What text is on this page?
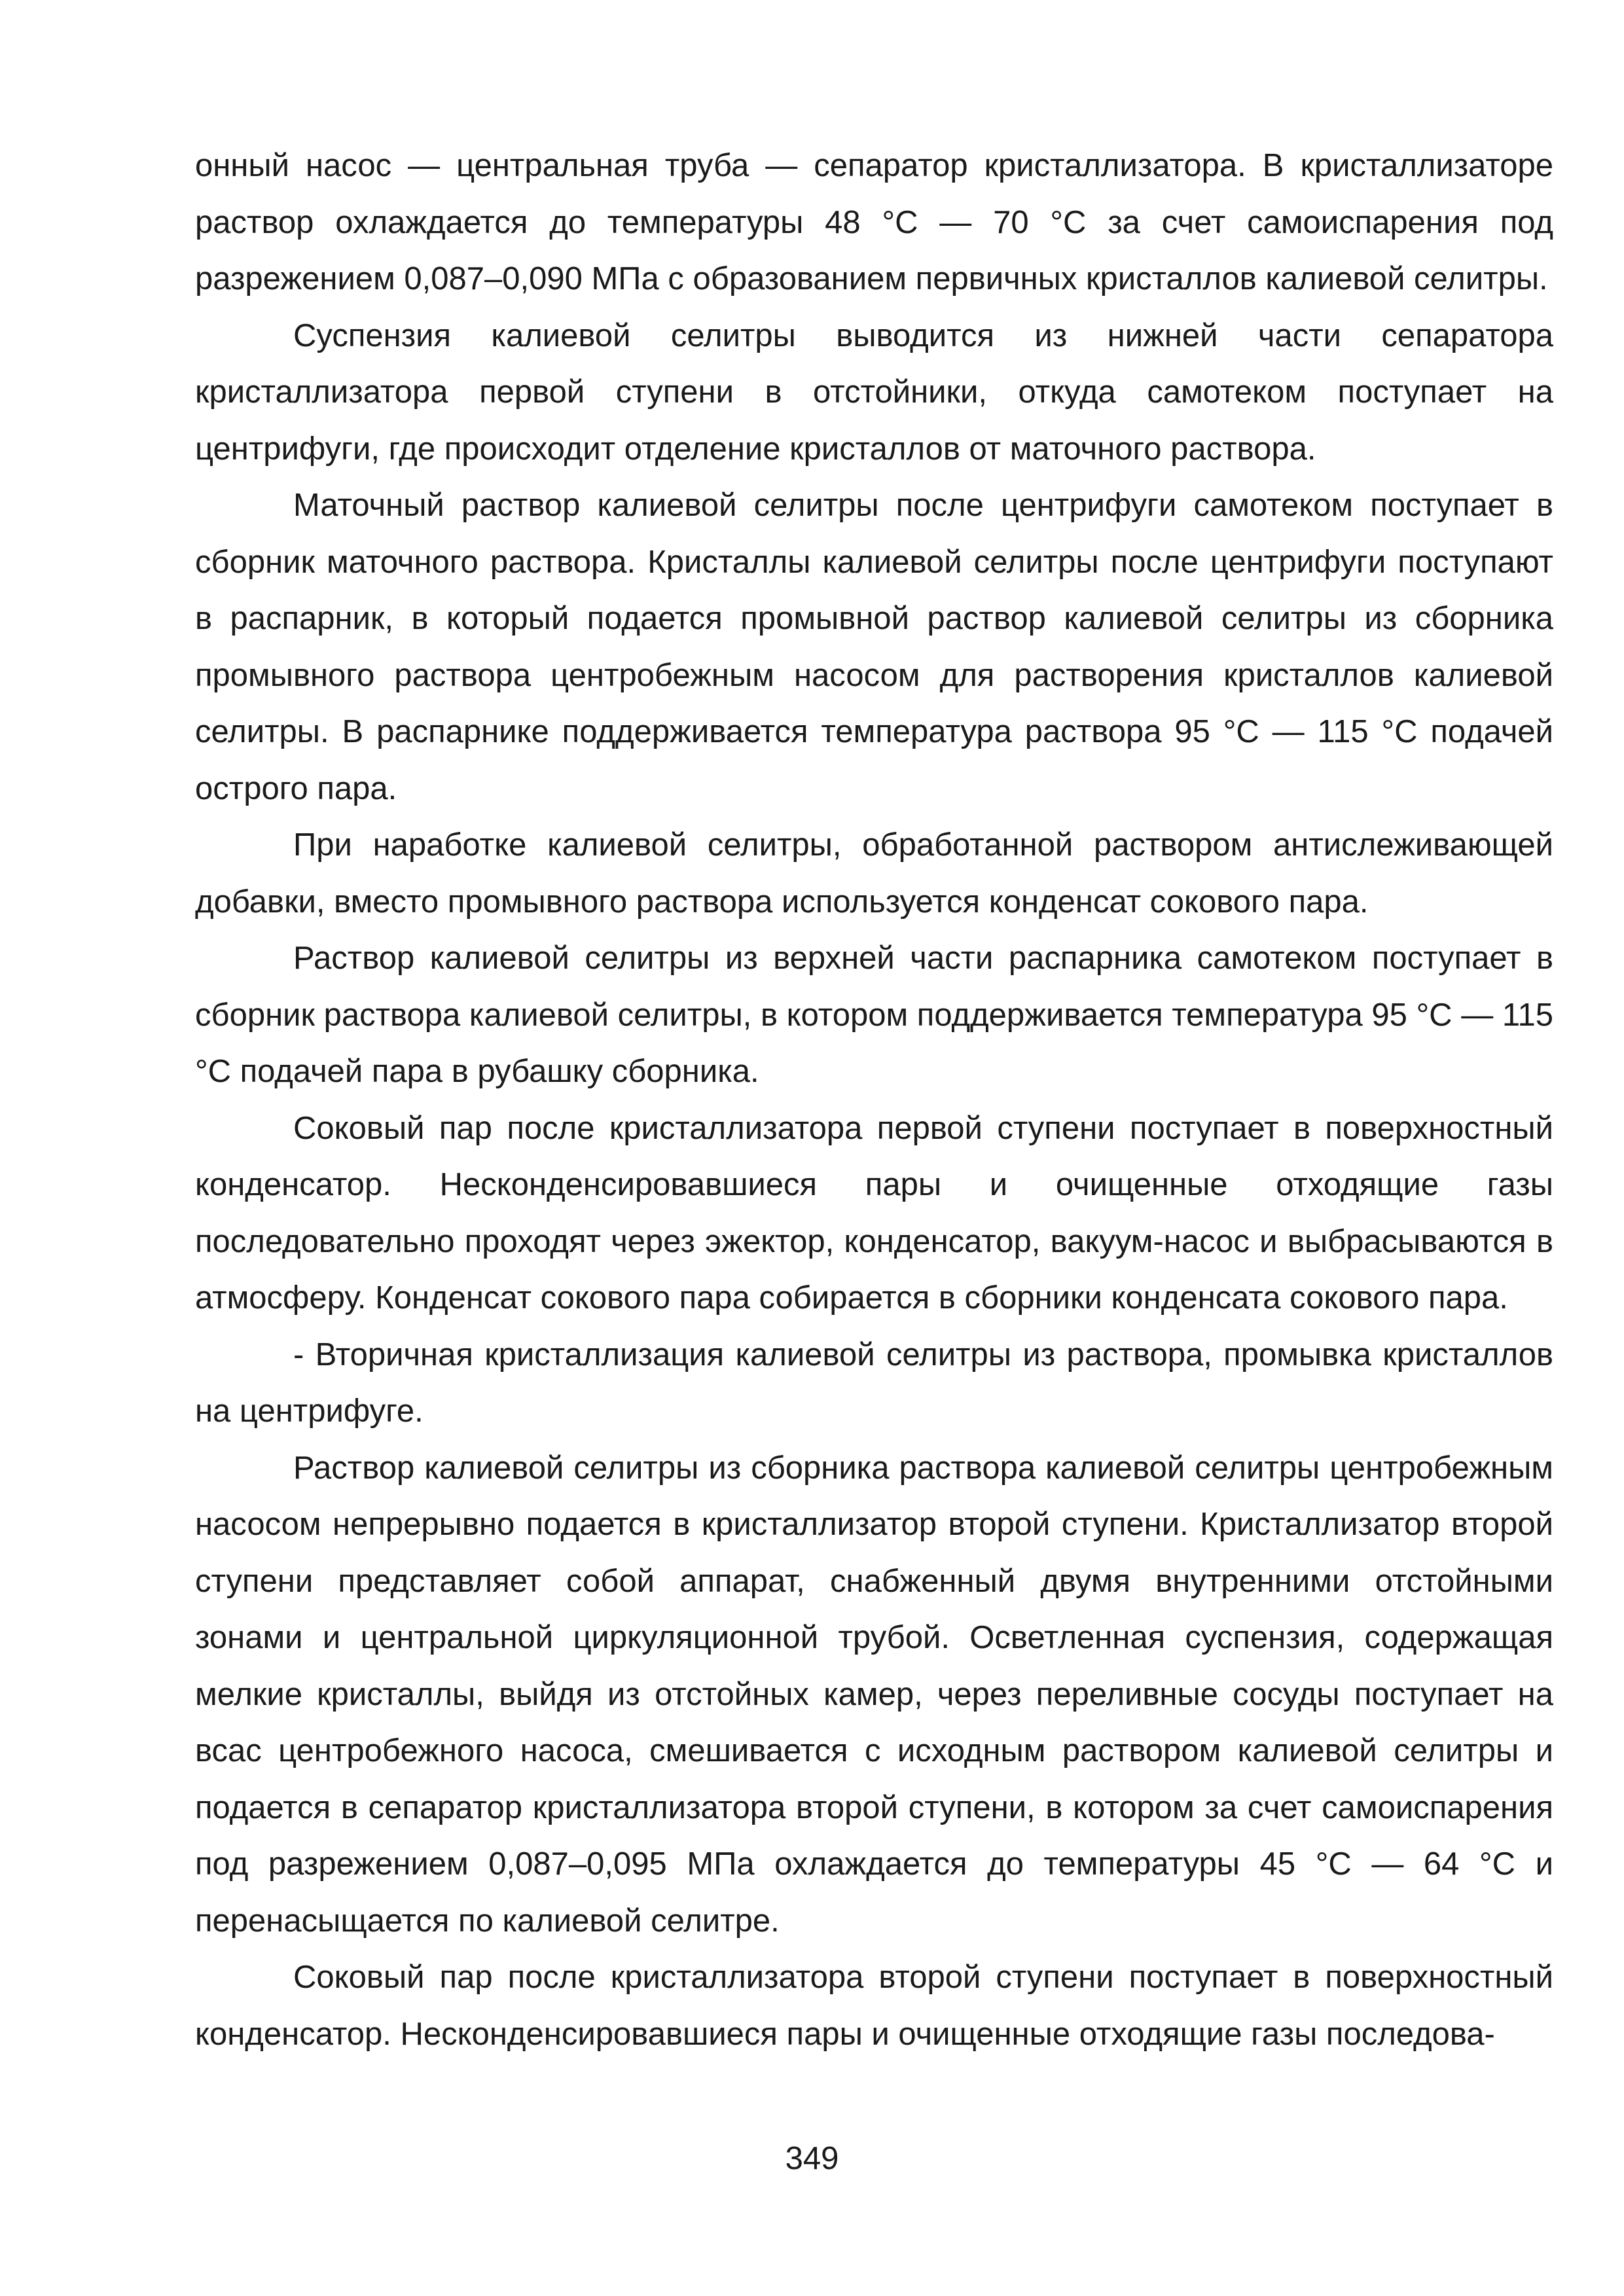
онный насос — центральная труба — сепаратор кристаллизатора. В кристаллизаторе раствор охлаждается до температуры 48 °С — 70 °С за счет самоиспарения под разрежением 0,087–0,090 МПа с образованием первичных кристаллов калиевой селитры.

Суспензия калиевой селитры выводится из нижней части сепаратора кристаллизатора первой ступени в отстойники, откуда самотеком поступает на центрифуги, где происходит отделение кристаллов от маточного раствора.

Маточный раствор калиевой селитры после центрифуги самотеком поступает в сборник маточного раствора. Кристаллы калиевой селитры после центрифуги поступают в распарник, в который подается промывной раствор калиевой селитры из сборника промывного раствора центробежным насосом для растворения кристаллов калиевой селитры. В распарнике поддерживается температура раствора 95 °С — 115 °С подачей острого пара.

При наработке калиевой селитры, обработанной раствором антислеживающей добавки, вместо промывного раствора используется конденсат сокового пара.

Раствор калиевой селитры из верхней части распарника самотеком поступает в сборник раствора калиевой селитры, в котором поддерживается температура 95 °С — 115 °С подачей пара в рубашку сборника.

Соковый пар после кристаллизатора первой ступени поступает в поверхностный конденсатор. Несконденсировавшиеся пары и очищенные отходящие газы последовательно проходят через эжектор, конденсатор, вакуум-насос и выбрасываются в атмосферу. Конденсат сокового пара собирается в сборники конденсата сокового пара.

- Вторичная кристаллизация калиевой селитры из раствора, промывка кристаллов на центрифуге.

Раствор калиевой селитры из сборника раствора калиевой селитры центробежным насосом непрерывно подается в кристаллизатор второй ступени. Кристаллизатор второй ступени представляет собой аппарат, снабженный двумя внутренними отстойными зонами и центральной циркуляционной трубой. Осветленная суспензия, содержащая мелкие кристаллы, выйдя из отстойных камер, через переливные сосуды поступает на всас центробежного насоса, смешивается с исходным раствором калиевой селитры и подается в сепаратор кристаллизатора второй ступени, в котором за счет самоиспарения под разрежением 0,087–0,095 МПа охлаждается до температуры 45 °С — 64 °С и перенасыщается по калиевой селитре.

Соковый пар после кристаллизатора второй ступени поступает в поверхностный конденсатор. Несконденсировавшиеся пары и очищенные отходящие газы последова-

349
